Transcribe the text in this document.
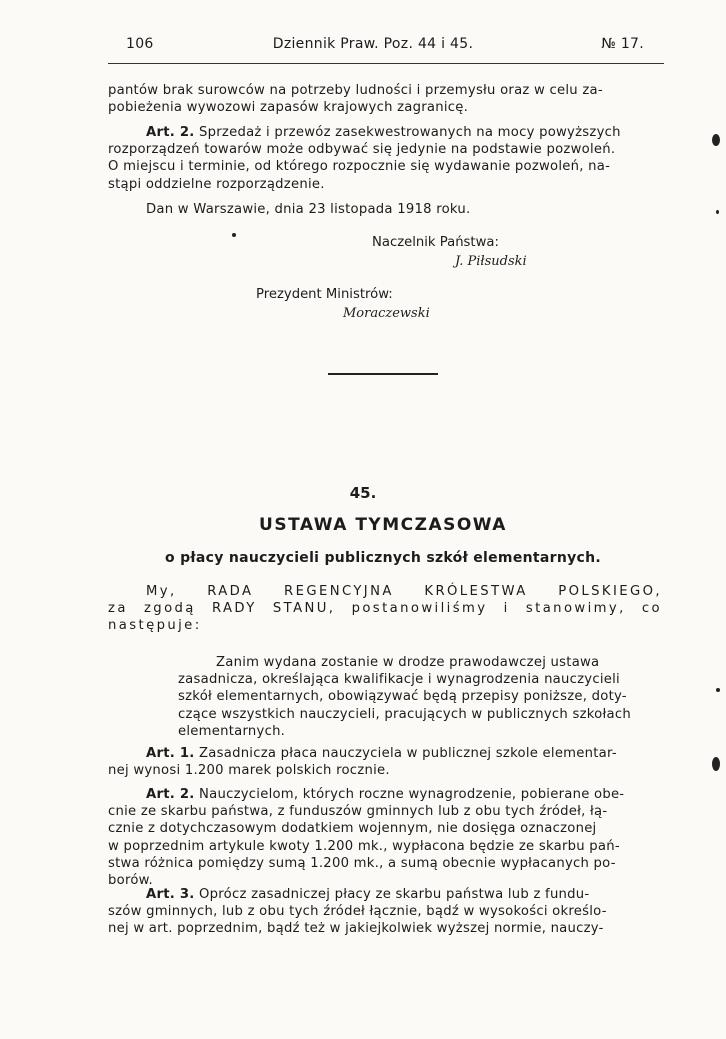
106	Dziennik Praw. Poz. 44 i 45.	№ 17.
pantów brak surowców na potrzeby ludności i przemysłu oraz w celu za-
pobieżenia wywozowi zapasów krajowych zagranicę.
Art. 2. Sprzedaż i przewóz zasekwestrowanych na mocy powyższych
rozporządzeń towarów może odbywać się jedynie na podstawie pozwoleń.
O miejscu i terminie, od którego rozpocznie się wydawanie pozwoleń, na-
stąpi oddzielne rozporządzenie.
Dan w Warszawie, dnia 23 listopada 1918 roku.
Naczelnik Państwa:
J. Piłsudski
Prezydent Ministrów:
Moraczewski
45.
USTAWA TYMCZASOWA
o płacy nauczycieli publicznych szkół elementarnych.
My, RADA REGENCYJNA KRÓLESTWA POLSKIEGO,
za zgodą RADY STANU, postanowiliśmy i stanowimy, co
następuje:
Zanim wydana zostanie w drodze prawodawczej ustawa
zasadnicza, określająca kwalifikacje i wynagrodzenia nauczycieli
szkół elementarnych, obowiązywać będą przepisy poniższe, doty-
czące wszystkich nauczycieli, pracujących w publicznych szkołach
elementarnych.
Art. 1. Zasadnicza płaca nauczyciela w publicznej szkole elementar-
nej wynosi 1.200 marek polskich rocznie.
Art. 2. Nauczycielom, których roczne wynagrodzenie, pobierane obe-
cnie ze skarbu państwa, z funduszów gminnych lub z obu tych źródeł, łą-
cznie z dotychczasowym dodatkiem wojennym, nie dosięga oznaczonej
w poprzednim artykule kwoty 1.200 mk., wypłacona będzie ze skarbu pań-
stwa różnica pomiędzy sumą 1.200 mk., a sumą obecnie wypłacanych po-
borów.
Art. 3. Oprócz zasadniczej płacy ze skarbu państwa lub z fundu-
szów gminnych, lub z obu tych źródeł łącznie, bądź w wysokości określo-
nej w art. poprzednim, bądź też w jakiejkolwiek wyższej normie, nauczy-
